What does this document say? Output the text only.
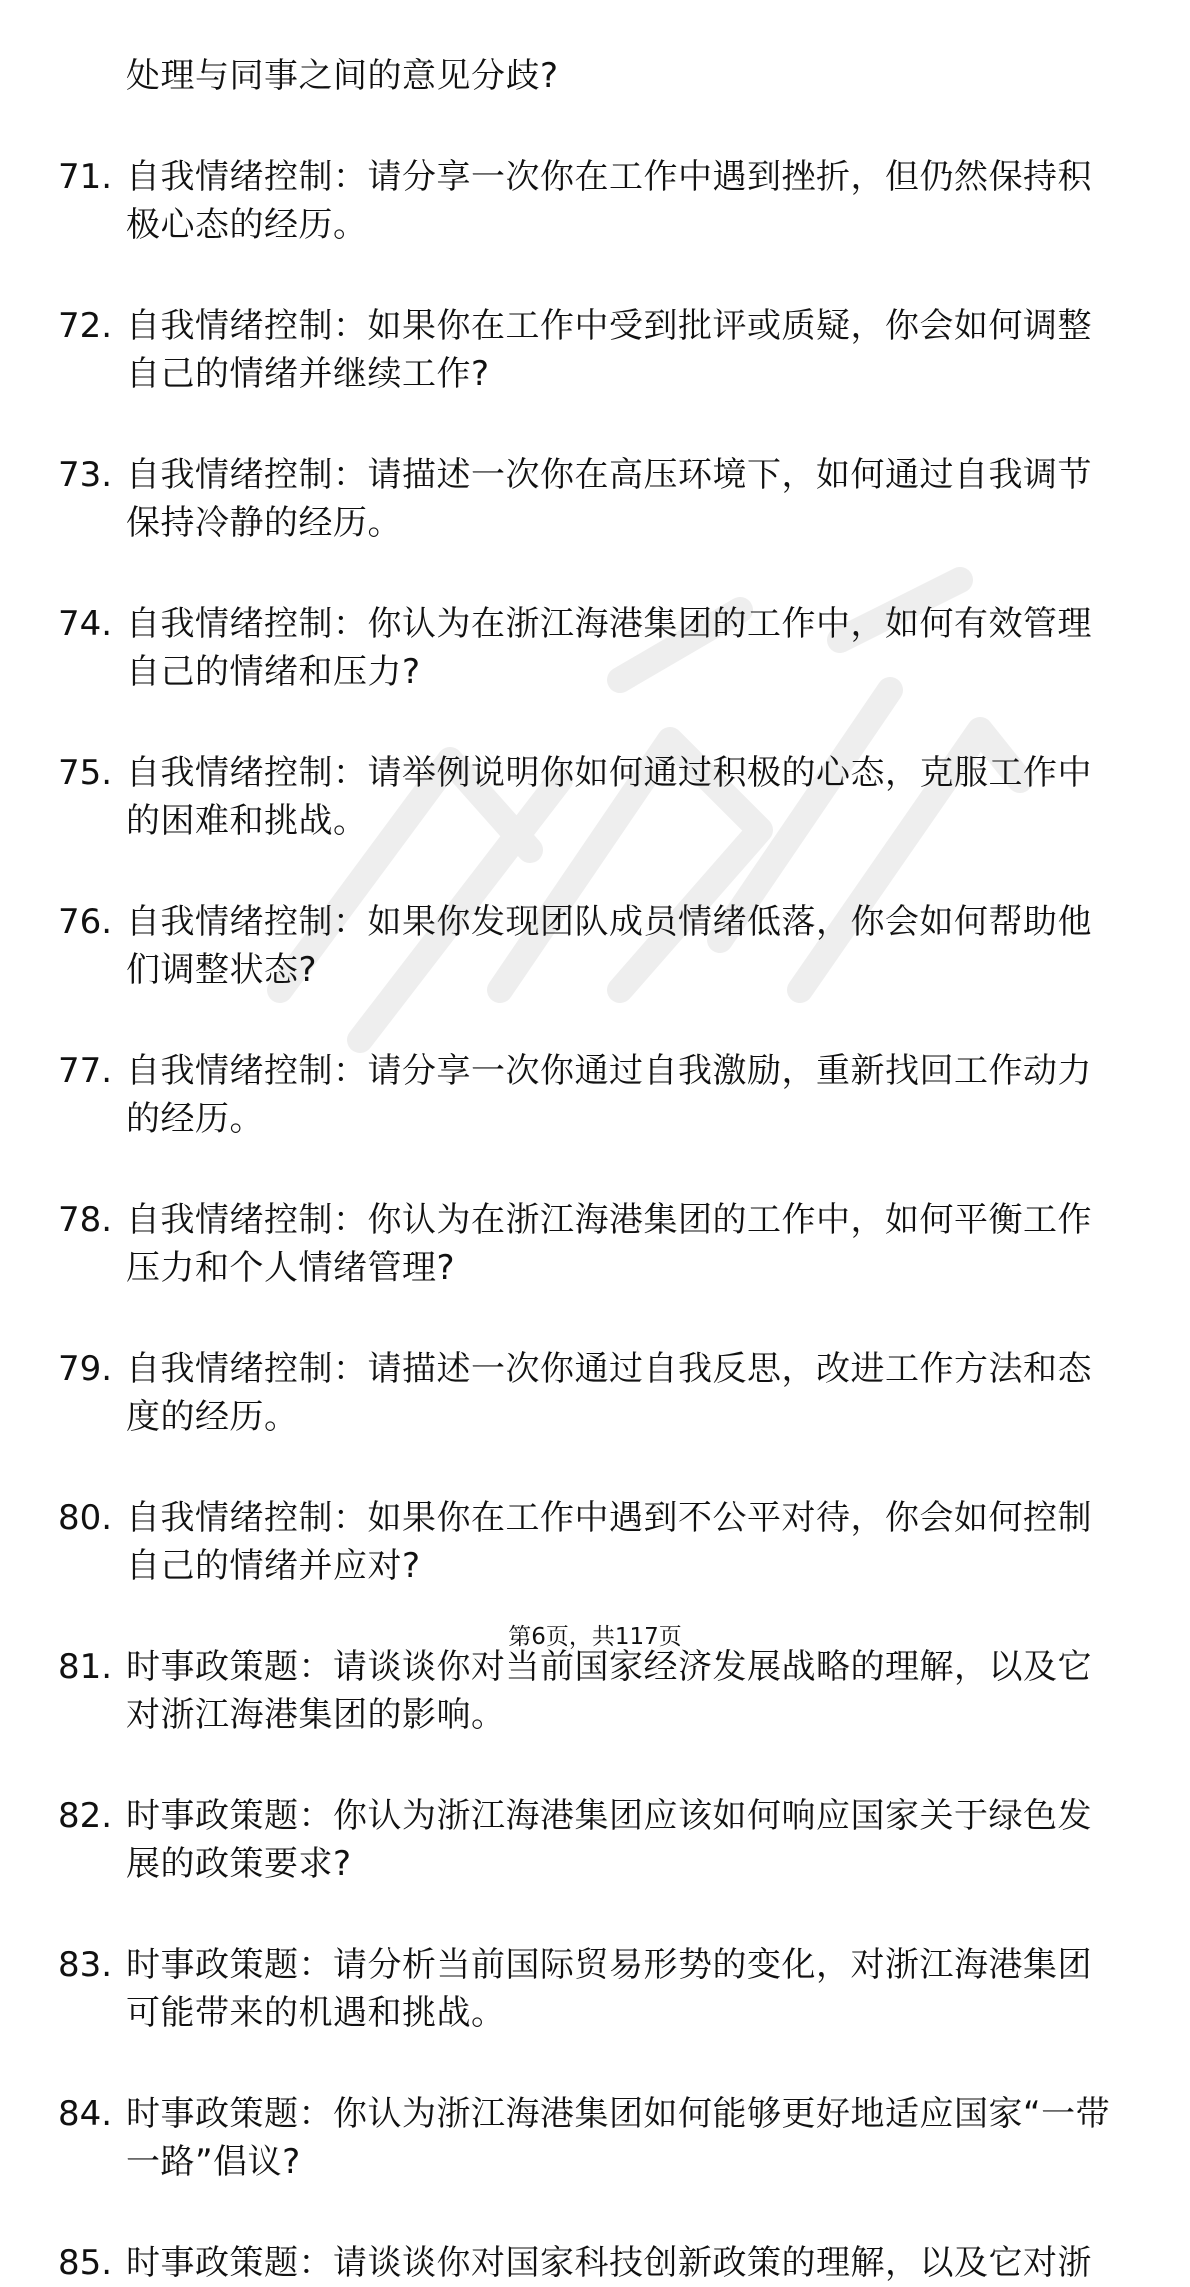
处理与同事之间的意见分歧?
71. 自我情绪控制：请分享一次你在工作中遇到挫折，但仍然保持积
极心态的经历。
72. 自我情绪控制：如果你在工作中受到批评或质疑，你会如何调整
自己的情绪并继续工作?
73. 自我情绪控制：请描述一次你在高压环境下，如何通过自我调节
保持冷静的经历。
74. 自我情绪控制：你认为在浙江海港集团的工作中，如何有效管理
自己的情绪和压力?
75. 自我情绪控制：请举例说明你如何通过积极的心态，克服工作中
的困难和挑战。
76. 自我情绪控制：如果你发现团队成员情绪低落，你会如何帮助他
们调整状态?
77. 自我情绪控制：请分享一次你通过自我激励，重新找回工作动力
的经历。
78. 自我情绪控制：你认为在浙江海港集团的工作中，如何平衡工作
压力和个人情绪管理?
79. 自我情绪控制：请描述一次你通过自我反思，改进工作方法和态
度的经历。
80. 自我情绪控制：如果你在工作中遇到不公平对待，你会如何控制
自己的情绪并应对?
81. 时事政策题：请谈谈你对当前国家经济发展战略的理解，以及它
对浙江海港集团的影响。
82. 时事政策题：你认为浙江海港集团应该如何响应国家关于绿色发
展的政策要求?
83. 时事政策题：请分析当前国际贸易形势的变化，对浙江海港集团
可能带来的机遇和挑战。
84. 时事政策题：你认为浙江海港集团如何能够更好地适应国家“一带
一路”倡议?
85. 时事政策题：请谈谈你对国家科技创新政策的理解，以及它对浙
第6页，共117页
